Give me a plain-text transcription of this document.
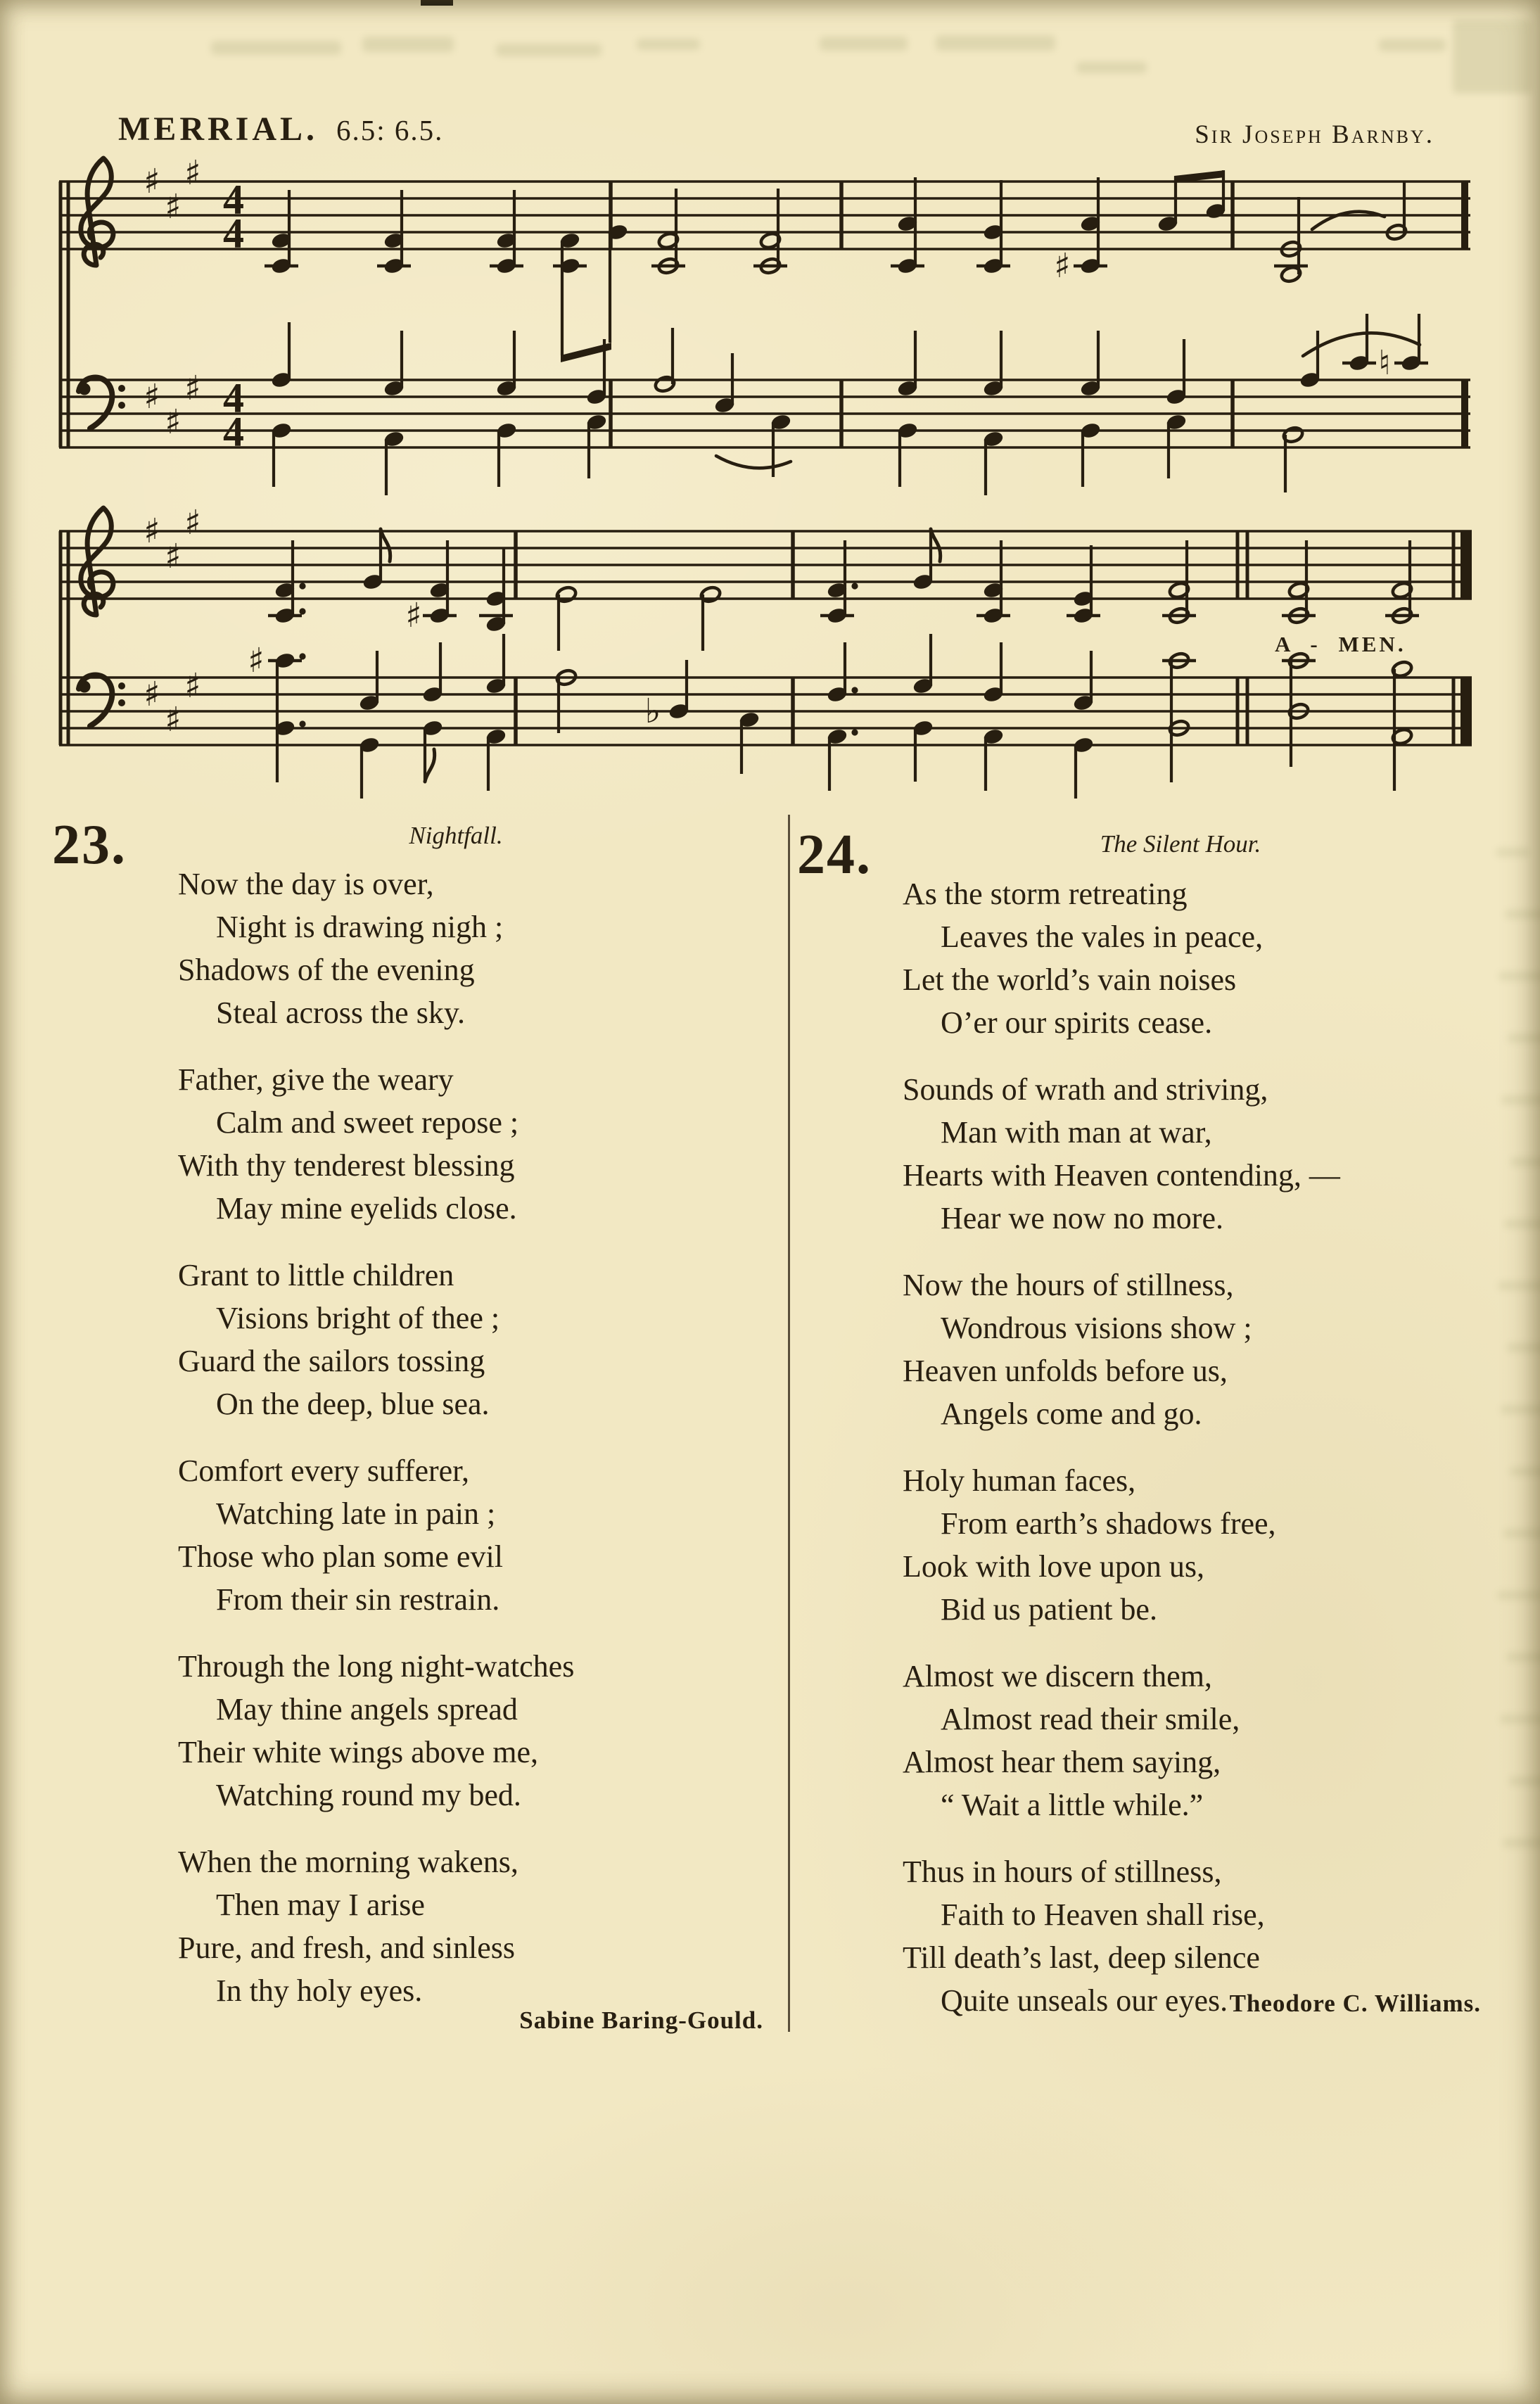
♯
♯
♯
♯
♯
♯
4
4
4
4
♯
♮
♯
♯
♯
♯
♯
♯
♯
♯
♭
MERRIAL. 6.5: 6.5.	Sir Joseph Barnby.
A - MEN.
23.	Nightfall.
Now the day is over,
Night is drawing nigh ;
Shadows of the evening
Steal across the sky.
Father, give the weary
Calm and sweet repose ;
With thy tenderest blessing
May mine eyelids close.
Grant to little children
Visions bright of thee ;
Guard the sailors tossing
On the deep, blue sea.
Comfort every sufferer,
Watching late in pain ;
Those who plan some evil
From their sin restrain.
Through the long night-watches
May thine angels spread
Their white wings above me,
Watching round my bed.
When the morning wakens,
Then may I arise
Pure, and fresh, and sinless
In thy holy eyes.
Sabine Baring-Gould.
24.	The Silent Hour.
As the storm retreating
Leaves the vales in peace,
Let the world’s vain noises
O’er our spirits cease.
Sounds of wrath and striving,
Man with man at war,
Hearts with Heaven contending, —
Hear we now no more.
Now the hours of stillness,
Wondrous visions show ;
Heaven unfolds before us,
Angels come and go.
Holy human faces,
From earth’s shadows free,
Look with love upon us,
Bid us patient be.
Almost we discern them,
Almost read their smile,
Almost hear them saying,
“ Wait a little while.”
Thus in hours of stillness,
Faith to Heaven shall rise,
Till death’s last, deep silence
Quite unseals our eyes. Theodore C. Williams.
